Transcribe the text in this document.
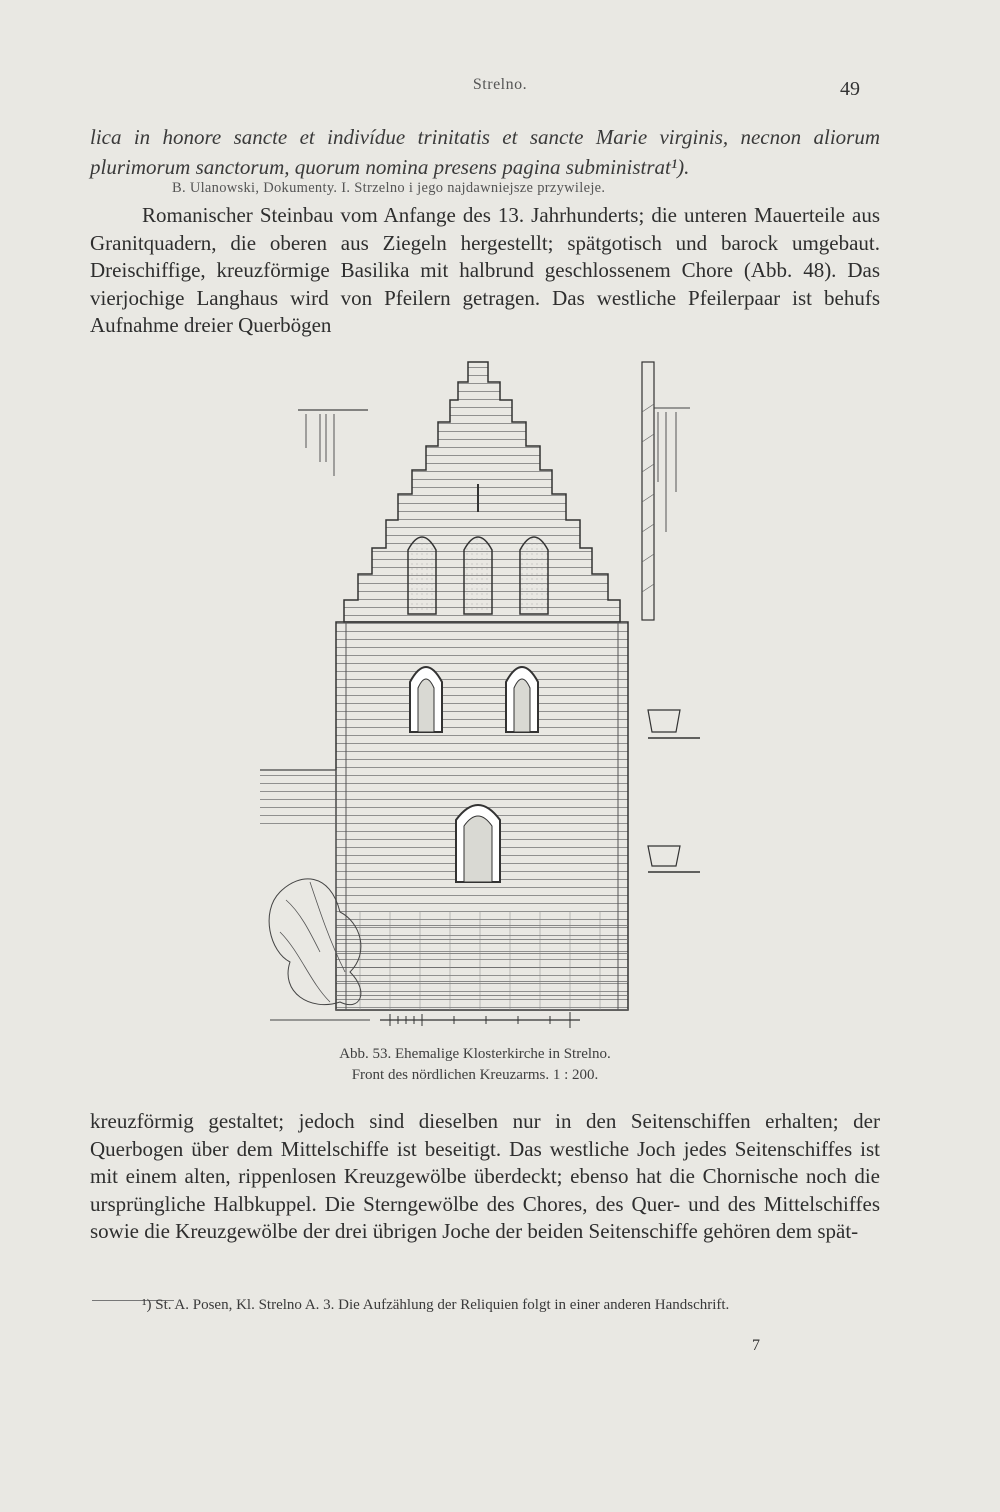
Strelno.	49
lica in honore sancte et indivídue trinitatis et sancte Marie virginis, necnon aliorum plurimorum sanctorum, quorum nomina presens pagina subministrat¹).
B. Ulanowski, Dokumenty. I. Strzelno i jego najdawniejsze przywileje.
Romanischer Steinbau vom Anfange des 13. Jahrhunderts; die unteren Mauerteile aus Granitquadern, die oberen aus Ziegeln hergestellt; spätgotisch und barock umgebaut. Dreischiffige, kreuzförmige Basilika mit halbrund geschlossenem Chore (Abb. 48). Das vierjochige Langhaus wird von Pfeilern getragen. Das westliche Pfeilerpaar ist behufs Aufnahme dreier Querbögen
Abb. 53. Ehemalige Klosterkirche in Strelno.
Front des nördlichen Kreuzarms. 1 : 200.
kreuzförmig gestaltet; jedoch sind dieselben nur in den Seitenschiffen erhalten; der Querbogen über dem Mittelschiffe ist beseitigt. Das westliche Joch jedes Seitenschiffes ist mit einem alten, rippenlosen Kreuzgewölbe überdeckt; ebenso hat die Chornische noch die ursprüngliche Halbkuppel. Die Sterngewölbe des Chores, des Quer- und des Mittelschiffes sowie die Kreuzgewölbe der drei übrigen Joche der beiden Seitenschiffe gehören dem spät-
¹) St. A. Posen, Kl. Strelno A. 3. Die Aufzählung der Reliquien folgt in einer anderen Handschrift.
7
